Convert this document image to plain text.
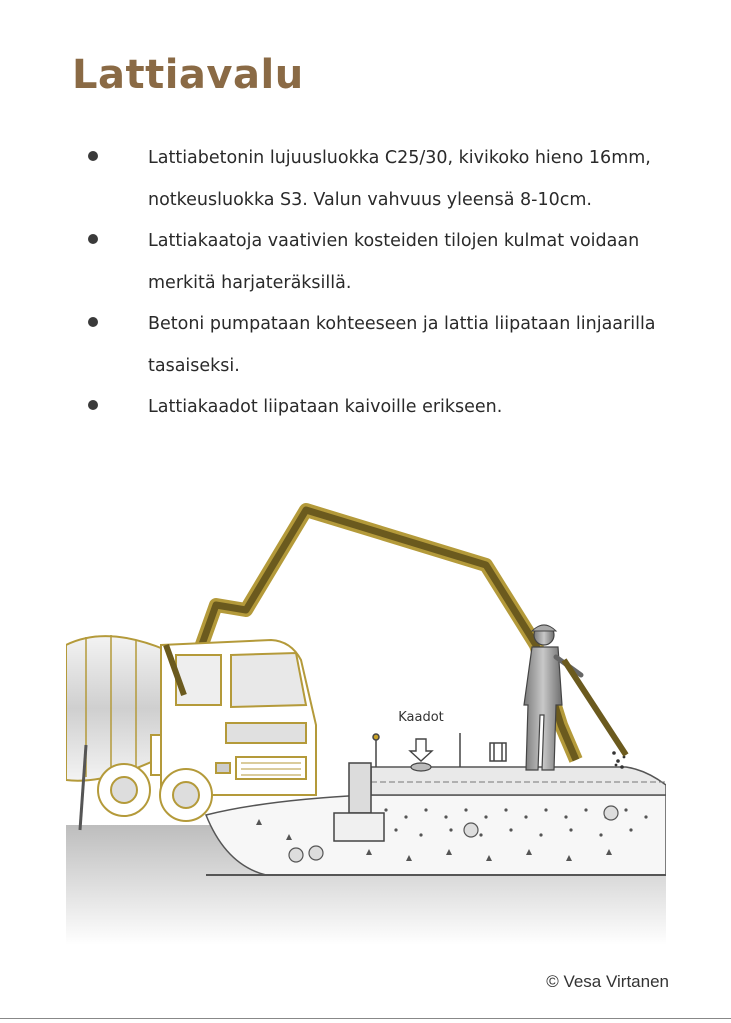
Lattiavalu
Lattiabetonin lujuusluokka C25/30, kivikoko hieno 16mm, notkeusluokka S3. Valun vahvuus yleensä 8-10cm.
Lattiakaatoja vaativien kosteiden tilojen kulmat voidaan merkitä harjateräksillä.
Betoni pumpataan kohteeseen ja lattia liipataan linjaarilla tasaiseksi.
Lattiakaadot liipataan kaivoille erikseen.
Kaadot
© Vesa Virtanen
